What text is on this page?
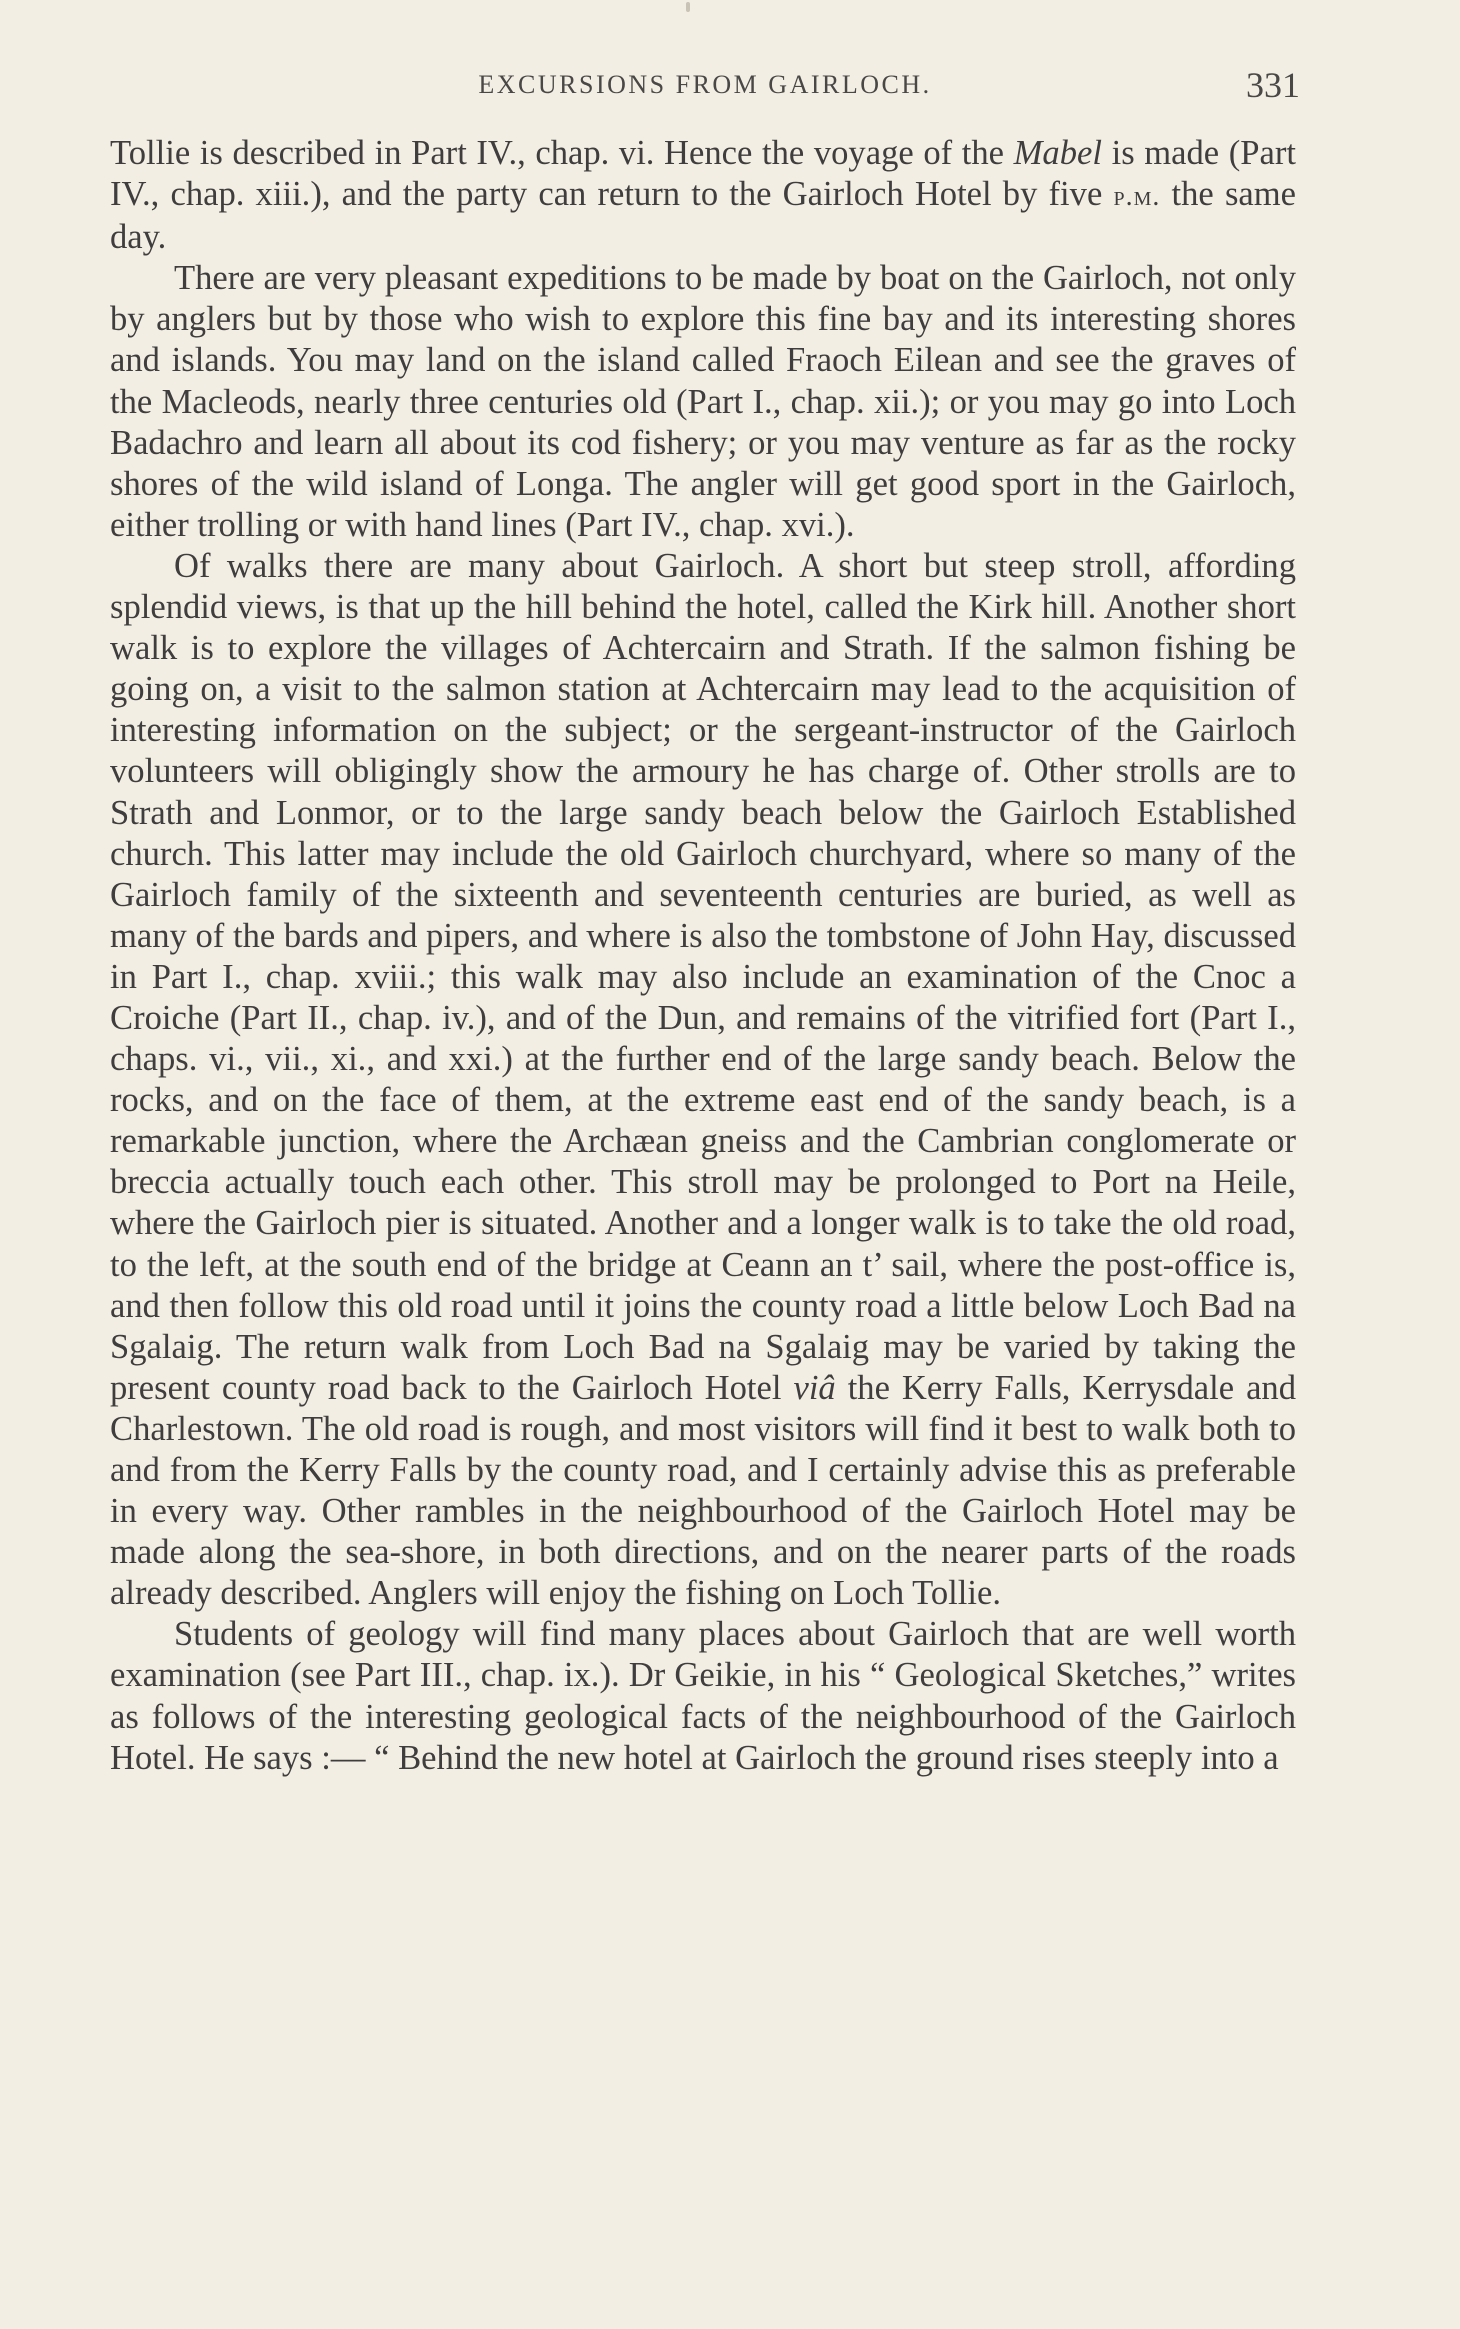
EXCURSIONS FROM GAIRLOCH.	331

Tollie is described in Part IV., chap. vi. Hence the voyage of the Mabel is made (Part IV., chap. xiii.), and the party can return to the Gairloch Hotel by five p.m. the same day.

There are very pleasant expeditions to be made by boat on the Gairloch, not only by anglers but by those who wish to explore this fine bay and its interesting shores and islands. You may land on the island called Fraoch Eilean and see the graves of the Macleods, nearly three centuries old (Part I., chap. xii.); or you may go into Loch Badachro and learn all about its cod fishery; or you may venture as far as the rocky shores of the wild island of Longa. The angler will get good sport in the Gairloch, either trolling or with hand lines (Part IV., chap. xvi.).

Of walks there are many about Gairloch. A short but steep stroll, affording splendid views, is that up the hill behind the hotel, called the Kirk hill. Another short walk is to explore the villages of Achtercairn and Strath. If the salmon fishing be going on, a visit to the salmon station at Achtercairn may lead to the acquisition of interesting information on the subject; or the sergeant-instructor of the Gairloch volunteers will obligingly show the armoury he has charge of. Other strolls are to Strath and Lonmor, or to the large sandy beach below the Gairloch Established church. This latter may include the old Gairloch churchyard, where so many of the Gairloch family of the sixteenth and seventeenth centuries are buried, as well as many of the bards and pipers, and where is also the tombstone of John Hay, discussed in Part I., chap. xviii.; this walk may also include an examination of the Cnoc a Croiche (Part II., chap. iv.), and of the Dun, and remains of the vitrified fort (Part I., chaps. vi., vii., xi., and xxi.) at the further end of the large sandy beach. Below the rocks, and on the face of them, at the extreme east end of the sandy beach, is a remarkable junction, where the Archæan gneiss and the Cambrian conglomerate or breccia actually touch each other. This stroll may be prolonged to Port na Heile, where the Gairloch pier is situated. Another and a longer walk is to take the old road, to the left, at the south end of the bridge at Ceann an t’ sail, where the post-office is, and then follow this old road until it joins the county road a little below Loch Bad na Sgalaig. The return walk from Loch Bad na Sgalaig may be varied by taking the present county road back to the Gairloch Hotel viâ the Kerry Falls, Kerrysdale and Charlestown. The old road is rough, and most visitors will find it best to walk both to and from the Kerry Falls by the county road, and I certainly advise this as preferable in every way. Other rambles in the neighbourhood of the Gairloch Hotel may be made along the sea-shore, in both directions, and on the nearer parts of the roads already described. Anglers will enjoy the fishing on Loch Tollie.

Students of geology will find many places about Gairloch that are well worth examination (see Part III., chap. ix.). Dr Geikie, in his “ Geological Sketches,” writes as follows of the interesting geological facts of the neighbourhood of the Gairloch Hotel. He says :— “ Behind the new hotel at Gairloch the ground rises steeply into a
